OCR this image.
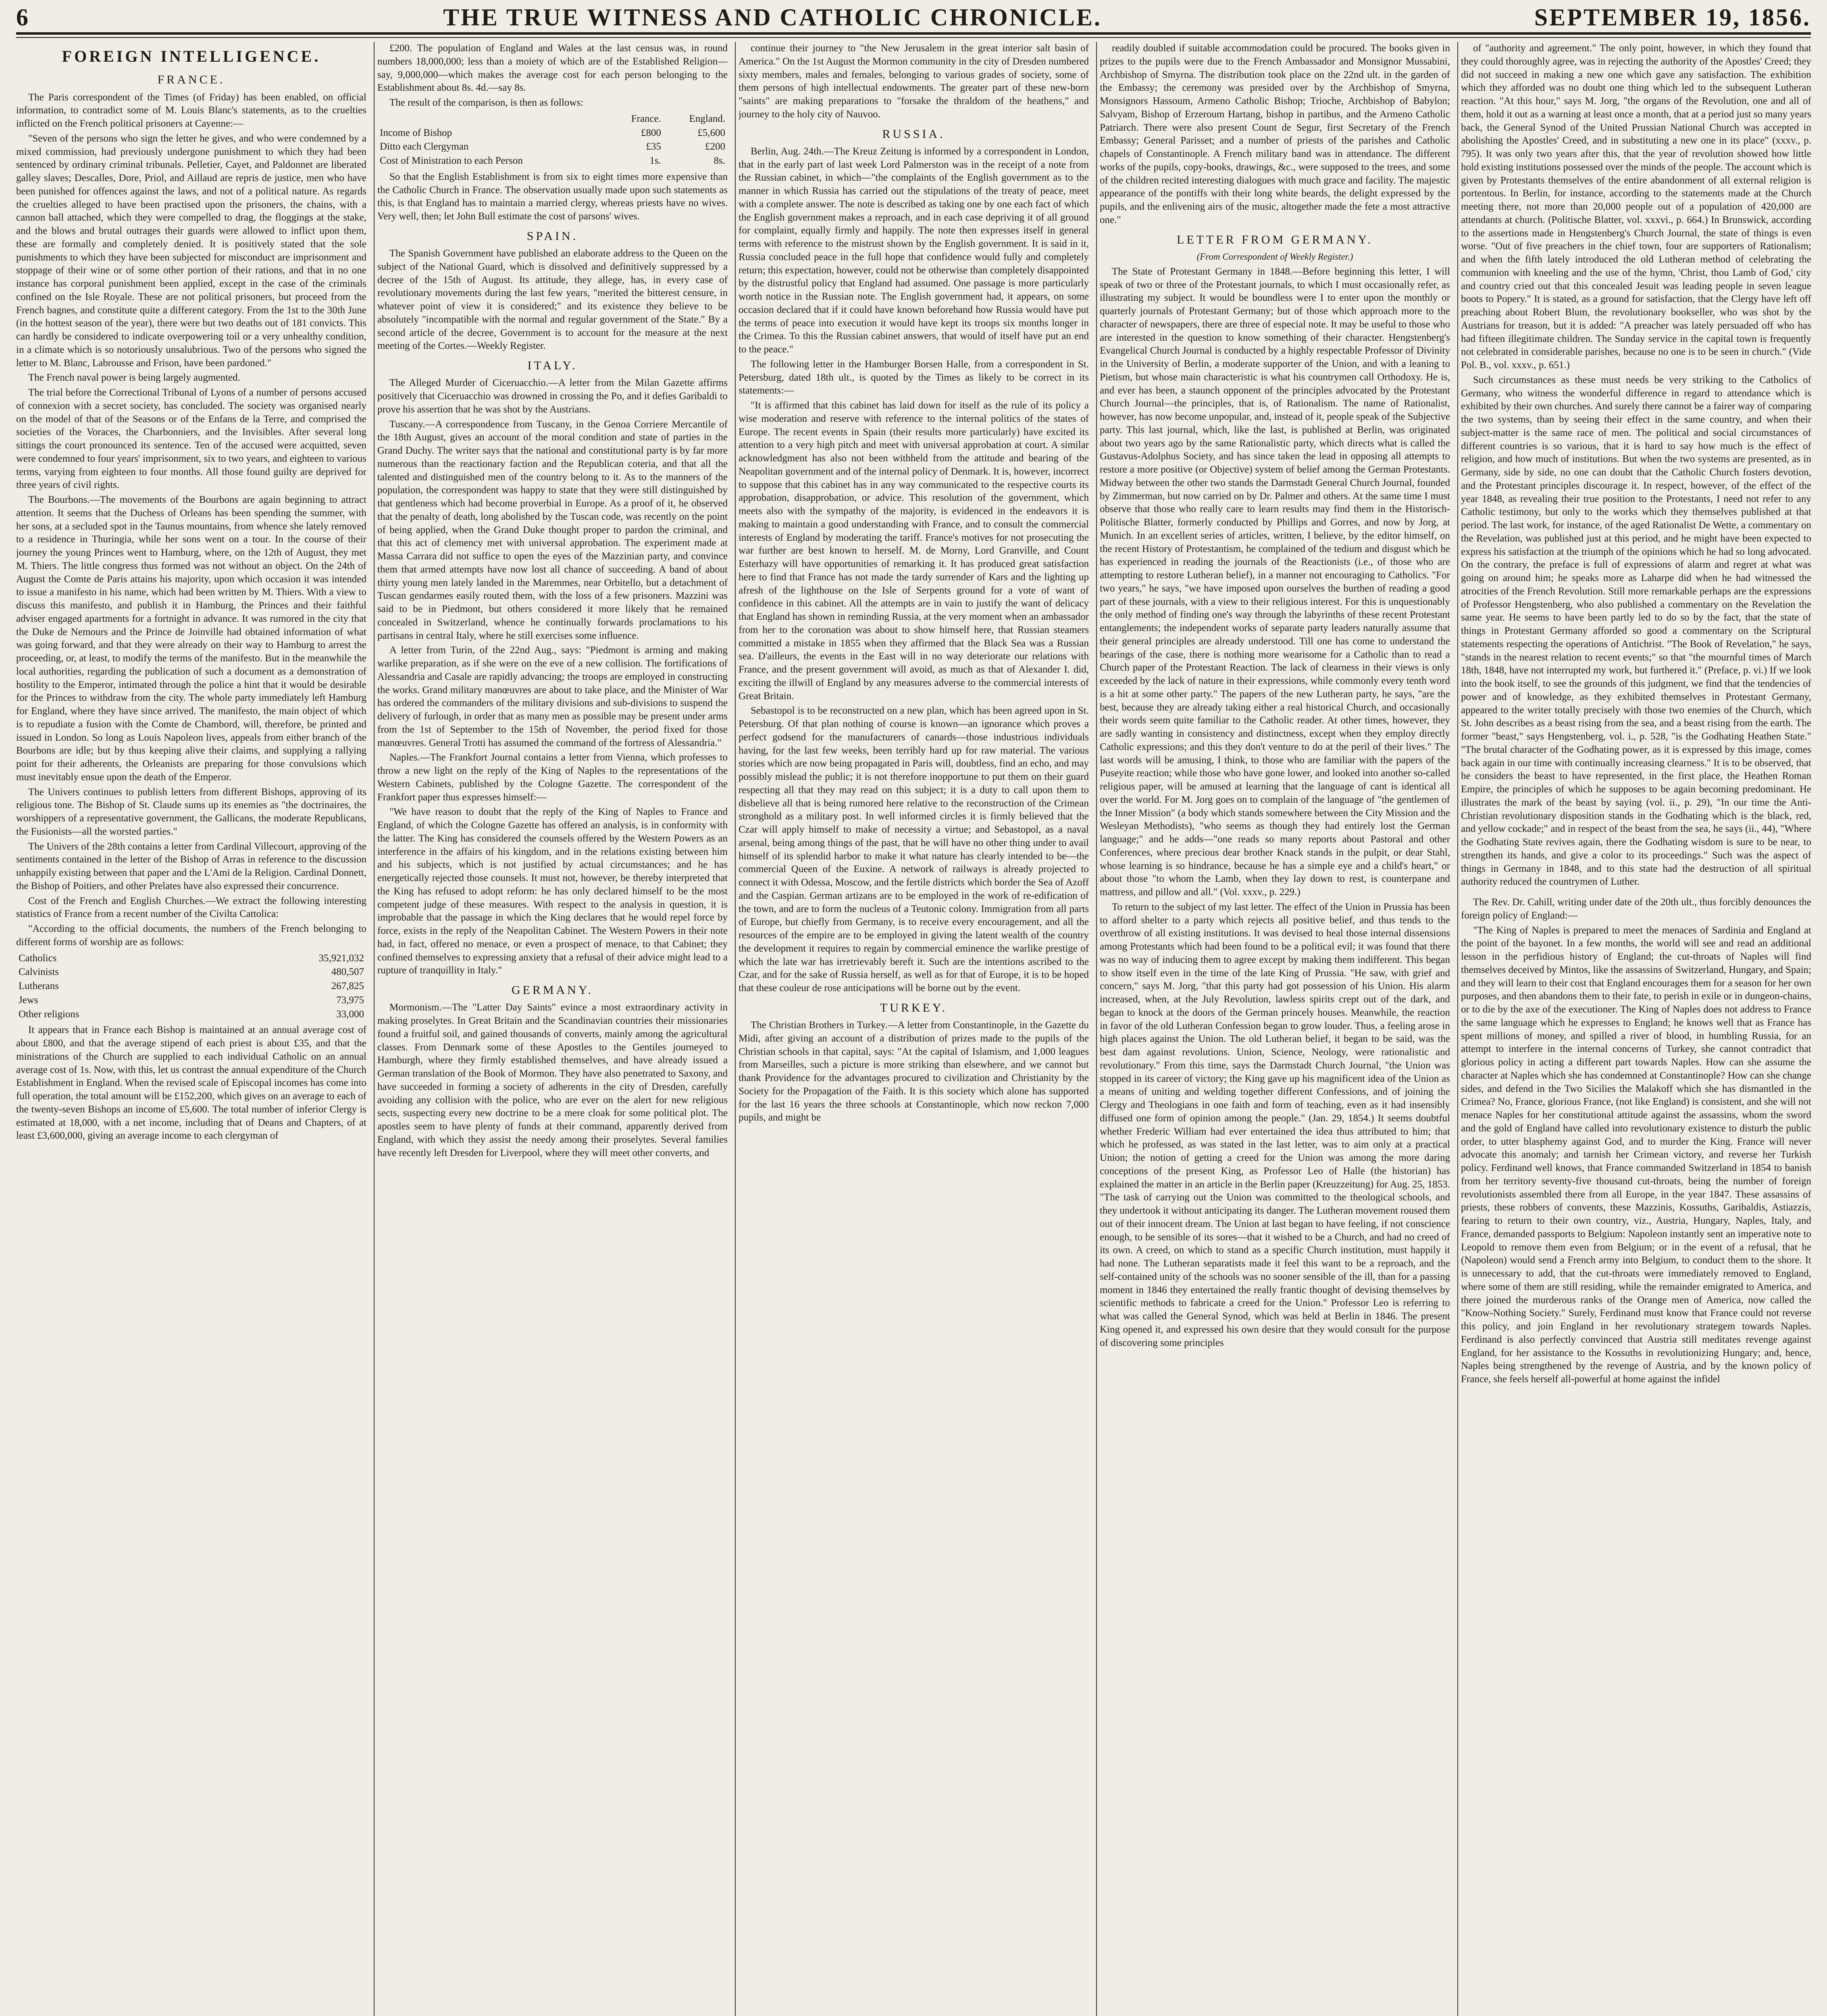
6	THE TRUE WITNESS AND CATHOLIC CHRONICLE.	SEPTEMBER 19, 1856.
FOREIGN INTELLIGENCE.
FRANCE.

The Paris correspondent of the Times (of Friday) has been enabled, on official information, to contradict some of M. Louis Blanc's statements, as to the cruelties inflicted on the French political prisoners at Cayenne:—

"Seven of the persons who sign the letter he gives, and who were condemned by a mixed commission, had previously undergone punishment to which they had been sentenced by ordinary criminal tribunals. Pelletier, Cayet, and Paldonnet are liberated galley slaves; Descalles, Dore, Priol, and Aillaud are repris de justice, men who have been punished for offences against the laws, and not of a political nature. As regards the cruelties alleged to have been practised upon the prisoners, the chains, with a cannon ball attached, which they were compelled to drag, the floggings at the stake, and the blows and brutal outrages their guards were allowed to inflict upon them, these are formally and completely denied. It is positively stated that the sole punishments to which they have been subjected for misconduct are imprisonment and stoppage of their wine or of some other portion of their rations, and that in no one instance has corporal punishment been applied, except in the case of the criminals confined on the Isle Royale. These are not political prisoners, but proceed from the French bagnes, and constitute quite a different category. From the 1st to the 30th June (in the hottest season of the year), there were but two deaths out of 181 convicts. This can hardly be considered to indicate overpowering toil or a very unhealthy condition, in a climate which is so notoriously unsalubrious. Two of the persons who signed the letter to M. Blanc, Labrousse and Frison, have been pardoned."

The French naval power is being largely augmented.

The trial before the Correctional Tribunal of Lyons of a number of persons accused of connexion with a secret society, has concluded. The society was organised nearly on the model of that of the Seasons or of the Enfans de la Terre, and comprised the societies of the Voraces, the Charbonniers, and the Invisibles. After several long sittings the court pronounced its sentence. Ten of the accused were acquitted, seven were condemned to four years' imprisonment, six to two years, and eighteen to various terms, varying from eighteen to four months. All those found guilty are deprived for three years of civil rights.

The Bourbons.—The movements of the Bourbons are again beginning to attract attention. It seems that the Duchess of Orleans has been spending the summer, with her sons, at a secluded spot in the Taunus mountains, from whence she lately removed to a residence in Thuringia, while her sons went on a tour. In the course of their journey the young Princes went to Hamburg, where, on the 12th of August, they met M. Thiers. The little congress thus formed was not without an object. On the 24th of August the Comte de Paris attains his majority, upon which occasion it was intended to issue a manifesto in his name, which had been written by M. Thiers. With a view to discuss this manifesto, and publish it in Hamburg, the Princes and their faithful adviser engaged apartments for a fortnight in advance. It was rumored in the city that the Duke de Nemours and the Prince de Joinville had obtained information of what was going forward, and that they were already on their way to Hamburg to arrest the proceeding, or, at least, to modify the terms of the manifesto. But in the meanwhile the local authorities, regarding the publication of such a document as a demonstration of hostility to the Emperor, intimated through the police a hint that it would be desirable for the Princes to withdraw from the city. The whole party immediately left Hamburg for England, where they have since arrived. The manifesto, the main object of which is to repudiate a fusion with the Comte de Chambord, will, therefore, be printed and issued in London. So long as Louis Napoleon lives, appeals from either branch of the Bourbons are idle; but by thus keeping alive their claims, and supplying a rallying point for their adherents, the Orleanists are preparing for those convulsions which must inevitably ensue upon the death of the Emperor.

The Univers continues to publish letters from different Bishops, approving of its religious tone. The Bishop of St. Claude sums up its enemies as "the doctrinaires, the worshippers of a representative government, the Gallicans, the moderate Republicans, the Fusionists—all the worsted parties."

The Univers of the 28th contains a letter from Cardinal Villecourt, approving of the sentiments contained in the letter of the Bishop of Arras in reference to the discussion unhappily existing between that paper and the L'Ami de la Religion. Cardinal Donnett, the Bishop of Poitiers, and other Prelates have also expressed their concurrence.

Cost of the French and English Churches.—We extract the following interesting statistics of France from a recent number of the Civilta Cattolica:

"According to the official documents, the numbers of the French belonging to different forms of worship are as follows:

Catholics	35,921,032
Calvinists	480,507
Lutherans	267,825
Jews	73,975
Other religions	33,000

It appears that in France each Bishop is maintained at an annual average cost of about £800, and that the average stipend of each priest is about £35, and that the ministrations of the Church are supplied to each individual Catholic on an annual average cost of 1s. Now, with this, let us contrast the annual expenditure of the Church Establishment in England. When the revised scale of Episcopal incomes has come into full operation, the total amount will be £152,200, which gives on an average to each of the twenty-seven Bishops an income of £5,600. The total number of inferior Clergy is estimated at 18,000, with a net income, including that of Deans and Chapters, of at least £3,600,000, giving an average income to each clergyman of

£200. The population of England and Wales at the last census was, in round numbers 18,000,000; less than a moiety of which are of the Established Religion—say, 9,000,000—which makes the average cost for each person belonging to the Establishment about 8s. 4d.—say 8s.

The result of the comparison, is then as follows:

	France.	England.
Income of Bishop	£800	£5,600
Ditto each Clergyman	£35	£200
Cost of Ministration to each Person	1s.	8s.

So that the English Establishment is from six to eight times more expensive than the Catholic Church in France. The observation usually made upon such statements as this, is that England has to maintain a married clergy, whereas priests have no wives. Very well, then; let John Bull estimate the cost of parsons' wives.

SPAIN.

The Spanish Government have published an elaborate address to the Queen on the subject of the National Guard, which is dissolved and definitively suppressed by a decree of the 15th of August. Its attitude, they allege, has, in every case of revolutionary movements during the last few years, "merited the bitterest censure, in whatever point of view it is considered;" and its existence they believe to be absolutely "incompatible with the normal and regular government of the State." By a second article of the decree, Government is to account for the measure at the next meeting of the Cortes.—Weekly Register.

ITALY.

The Alleged Murder of Ciceruacchio.—A letter from the Milan Gazette affirms positively that Ciceruacchio was drowned in crossing the Po, and it defies Garibaldi to prove his assertion that he was shot by the Austrians.

Tuscany.—A correspondence from Tuscany, in the Genoa Corriere Mercantile of the 18th August, gives an account of the moral condition and state of parties in the Grand Duchy. The writer says that the national and constitutional party is by far more numerous than the reactionary faction and the Republican coteria, and that all the talented and distinguished men of the country belong to it. As to the manners of the population, the correspondent was happy to state that they were still distinguished by that gentleness which had become proverbial in Europe. As a proof of it, he observed that the penalty of death, long abolished by the Tuscan code, was recently on the point of being applied, when the Grand Duke thought proper to pardon the criminal, and that this act of clemency met with universal approbation. The experiment made at Massa Carrara did not suffice to open the eyes of the Mazzinian party, and convince them that armed attempts have now lost all chance of succeeding. A band of about thirty young men lately landed in the Maremmes, near Orbitello, but a detachment of Tuscan gendarmes easily routed them, with the loss of a few prisoners. Mazzini was said to be in Piedmont, but others considered it more likely that he remained concealed in Switzerland, whence he continually forwards proclamations to his partisans in central Italy, where he still exercises some influence.

A letter from Turin, of the 22nd Aug., says: "Piedmont is arming and making warlike preparation, as if she were on the eve of a new collision. The fortifications of Alessandria and Casale are rapidly advancing; the troops are employed in constructing the works. Grand military manœuvres are about to take place, and the Minister of War has ordered the commanders of the military divisions and sub-divisions to suspend the delivery of furlough, in order that as many men as possible may be present under arms from the 1st of September to the 15th of November, the period fixed for those manœuvres. General Trotti has assumed the command of the fortress of Alessandria."

Naples.—The Frankfort Journal contains a letter from Vienna, which professes to throw a new light on the reply of the King of Naples to the representations of the Western Cabinets, published by the Cologne Gazette. The correspondent of the Frankfort paper thus expresses himself:—

"We have reason to doubt that the reply of the King of Naples to France and England, of which the Cologne Gazette has offered an analysis, is in conformity with the latter. The King has considered the counsels offered by the Western Powers as an interference in the affairs of his kingdom, and in the relations existing between him and his subjects, which is not justified by actual circumstances; and he has energetically rejected those counsels. It must not, however, be thereby interpreted that the King has refused to adopt reform: he has only declared himself to be the most competent judge of these measures. With respect to the analysis in question, it is improbable that the passage in which the King declares that he would repel force by force, exists in the reply of the Neapolitan Cabinet. The Western Powers in their note had, in fact, offered no menace, or even a prospect of menace, to that Cabinet; they confined themselves to expressing anxiety that a refusal of their advice might lead to a rupture of tranquillity in Italy."

GERMANY.

Mormonism.—The "Latter Day Saints" evince a most extraordinary activity in making proselytes. In Great Britain and the Scandinavian countries their missionaries found a fruitful soil, and gained thousands of converts, mainly among the agricultural classes. From Denmark some of these Apostles to the Gentiles journeyed to Hamburgh, where they firmly established themselves, and have already issued a German translation of the Book of Mormon. They have also penetrated to Saxony, and have succeeded in forming a society of adherents in the city of Dresden, carefully avoiding any collision with the police, who are ever on the alert for new religious sects, suspecting every new doctrine to be a mere cloak for some political plot. The apostles seem to have plenty of funds at their command, apparently derived from England, with which they assist the needy among their proselytes. Several families have recently left Dresden for Liverpool, where they will meet other converts, and

continue their journey to "the New Jerusalem in the great interior salt basin of America." On the 1st August the Mormon community in the city of Dresden numbered sixty members, males and females, belonging to various grades of society, some of them persons of high intellectual endowments. The greater part of these new-born "saints" are making preparations to "forsake the thraldom of the heathens," and journey to the holy city of Nauvoo.

RUSSIA.

Berlin, Aug. 24th.—The Kreuz Zeitung is informed by a correspondent in London, that in the early part of last week Lord Palmerston was in the receipt of a note from the Russian cabinet, in which—"the complaints of the English government as to the manner in which Russia has carried out the stipulations of the treaty of peace, meet with a complete answer. The note is described as taking one by one each fact of which the English government makes a reproach, and in each case depriving it of all ground for complaint, equally firmly and happily. The note then expresses itself in general terms with reference to the mistrust shown by the English government. It is said in it, Russia concluded peace in the full hope that confidence would fully and completely return; this expectation, however, could not be otherwise than completely disappointed by the distrustful policy that England had assumed. One passage is more particularly worth notice in the Russian note. The English government had, it appears, on some occasion declared that if it could have known beforehand how Russia would have put the terms of peace into execution it would have kept its troops six months longer in the Crimea. To this the Russian cabinet answers, that would of itself have put an end to the peace."

The following letter in the Hamburger Borsen Halle, from a correspondent in St. Petersburg, dated 18th ult., is quoted by the Times as likely to be correct in its statements:—

"It is affirmed that this cabinet has laid down for itself as the rule of its policy a wise moderation and reserve with reference to the internal politics of the states of Europe. The recent events in Spain (their results more particularly) have excited its attention to a very high pitch and meet with universal approbation at court. A similar acknowledgment has also not been withheld from the attitude and bearing of the Neapolitan government and of the internal policy of Denmark. It is, however, incorrect to suppose that this cabinet has in any way communicated to the respective courts its approbation, disapprobation, or advice. This resolution of the government, which meets also with the sympathy of the majority, is evidenced in the endeavors it is making to maintain a good understanding with France, and to consult the commercial interests of England by moderating the tariff. France's motives for not prosecuting the war further are best known to herself. M. de Morny, Lord Granville, and Count Esterhazy will have opportunities of remarking it. It has produced great satisfaction here to find that France has not made the tardy surrender of Kars and the lighting up afresh of the lighthouse on the Isle of Serpents ground for a vote of want of confidence in this cabinet. All the attempts are in vain to justify the want of delicacy that England has shown in reminding Russia, at the very moment when an ambassador from her to the coronation was about to show himself here, that Russian steamers committed a mistake in 1855 when they affirmed that the Black Sea was a Russian sea. D'ailleurs, the events in the East will in no way deteriorate our relations with France, and the present government will avoid, as much as that of Alexander I. did, exciting the illwill of England by any measures adverse to the commercial interests of Great Britain.

Sebastopol is to be reconstructed on a new plan, which has been agreed upon in St. Petersburg. Of that plan nothing of course is known—an ignorance which proves a perfect godsend for the manufacturers of canards—those industrious individuals having, for the last few weeks, been terribly hard up for raw material. The various stories which are now being propagated in Paris will, doubtless, find an echo, and may possibly mislead the public; it is not therefore inopportune to put them on their guard respecting all that they may read on this subject; it is a duty to call upon them to disbelieve all that is being rumored here relative to the reconstruction of the Crimean stronghold as a military post. In well informed circles it is firmly believed that the Czar will apply himself to make of necessity a virtue; and Sebastopol, as a naval arsenal, being among things of the past, that he will have no other thing under to avail himself of its splendid harbor to make it what nature has clearly intended to be—the commercial Queen of the Euxine. A network of railways is already projected to connect it with Odessa, Moscow, and the fertile districts which border the Sea of Azoff and the Caspian. German artizans are to be employed in the work of re-edification of the town, and are to form the nucleus of a Teutonic colony. Immigration from all parts of Europe, but chiefly from Germany, is to receive every encouragement, and all the resources of the empire are to be employed in giving the latent wealth of the country the development it requires to regain by commercial eminence the warlike prestige of which the late war has irretrievably bereft it. Such are the intentions ascribed to the Czar, and for the sake of Russia herself, as well as for that of Europe, it is to be hoped that these couleur de rose anticipations will be borne out by the event.

TURKEY.

The Christian Brothers in Turkey.—A letter from Constantinople, in the Gazette du Midi, after giving an account of a distribution of prizes made to the pupils of the Christian schools in that capital, says: "At the capital of Islamism, and 1,000 leagues from Marseilles, such a picture is more striking than elsewhere, and we cannot but thank Providence for the advantages procured to civilization and Christianity by the Society for the Propagation of the Faith. It is this society which alone has supported for the last 16 years the three schools at Constantinople, which now reckon 7,000 pupils, and might be

readily doubled if suitable accommodation could be procured. The books given in prizes to the pupils were due to the French Ambassador and Monsignor Mussabini, Archbishop of Smyrna. The distribution took place on the 22nd ult. in the garden of the Embassy; the ceremony was presided over by the Archbishop of Smyrna, Monsignors Hassoum, Armeno Catholic Bishop; Trioche, Archbishop of Babylon; Salvyam, Bishop of Erzeroum Hartang, bishop in partibus, and the Armeno Catholic Patriarch. There were also present Count de Segur, first Secretary of the French Embassy; General Parisset; and a number of priests of the parishes and Catholic chapels of Constantinople. A French military band was in attendance. The different works of the pupils, copy-books, drawings, &c., were supposed to the trees, and some of the children recited interesting dialogues with much grace and facility. The majestic appearance of the pontiffs with their long white beards, the delight expressed by the pupils, and the enlivening airs of the music, altogether made the fete a most attractive one."

LETTER FROM GERMANY.
(From Correspondent of Weekly Register.)

The State of Protestant Germany in 1848.—Before beginning this letter, I will speak of two or three of the Protestant journals, to which I must occasionally refer, as illustrating my subject. It would be boundless were I to enter upon the monthly or quarterly journals of Protestant Germany; but of those which approach more to the character of newspapers, there are three of especial note. It may be useful to those who are interested in the question to know something of their character. Hengstenberg's Evangelical Church Journal is conducted by a highly respectable Professor of Divinity in the University of Berlin, a moderate supporter of the Union, and with a leaning to Pietism, but whose main characteristic is what his countrymen call Orthodoxy. He is, and ever has been, a staunch opponent of the principles advocated by the Protestant Church Journal—the principles, that is, of Rationalism. The name of Rationalist, however, has now become unpopular, and, instead of it, people speak of the Subjective party. This last journal, which, like the last, is published at Berlin, was originated about two years ago by the same Rationalistic party, which directs what is called the Gustavus-Adolphus Society, and has since taken the lead in opposing all attempts to restore a more positive (or Objective) system of belief among the German Protestants. Midway between the other two stands the Darmstadt General Church Journal, founded by Zimmerman, but now carried on by Dr. Palmer and others. At the same time I must observe that those who really care to learn results may find them in the Historisch-Politische Blatter, formerly conducted by Phillips and Gorres, and now by Jorg, at Munich. In an excellent series of articles, written, I believe, by the editor himself, on the recent History of Protestantism, he complained of the tedium and disgust which he has experienced in reading the journals of the Reactionists (i.e., of those who are attempting to restore Lutheran belief), in a manner not encouraging to Catholics. "For two years," he says, "we have imposed upon ourselves the burthen of reading a good part of these journals, with a view to their religious interest. For this is unquestionably the only method of finding one's way through the labyrinths of these recent Protestant entanglements; the independent works of separate party leaders naturally assume that their general principles are already understood. Till one has come to understand the bearings of the case, there is nothing more wearisome for a Catholic than to read a Church paper of the Protestant Reaction. The lack of clearness in their views is only exceeded by the lack of nature in their expressions, while commonly every tenth word is a hit at some other party." The papers of the new Lutheran party, he says, "are the best, because they are already taking either a real historical Church, and occasionally their words seem quite familiar to the Catholic reader. At other times, however, they are sadly wanting in consistency and distinctness, except when they employ directly Catholic expressions; and this they don't venture to do at the peril of their lives." The last words will be amusing, I think, to those who are familiar with the papers of the Puseyite reaction; while those who have gone lower, and looked into another so-called religious paper, will be amused at learning that the language of cant is identical all over the world. For M. Jorg goes on to complain of the language of "the gentlemen of the Inner Mission" (a body which stands somewhere between the City Mission and the Wesleyan Methodists), "who seems as though they had entirely lost the German language;" and he adds—"one reads so many reports about Pastoral and other Conferences, where precious dear brother Knack stands in the pulpit, or dear Stahl, whose learning is so hindrance, because he has a simple eye and a child's heart," or about those "to whom the Lamb, when they lay down to rest, is counterpane and mattress, and pillow and all." (Vol. xxxv., p. 229.)

To return to the subject of my last letter. The effect of the Union in Prussia has been to afford shelter to a party which rejects all positive belief, and thus tends to the overthrow of all existing institutions. It was devised to heal those internal dissensions among Protestants which had been found to be a political evil; it was found that there was no way of inducing them to agree except by making them indifferent. This began to show itself even in the time of the late King of Prussia. "He saw, with grief and concern," says M. Jorg, "that this party had got possession of his Union. His alarm increased, when, at the July Revolution, lawless spirits crept out of the dark, and began to knock at the doors of the German princely houses. Meanwhile, the reaction in favor of the old Lutheran Confession began to grow louder. Thus, a feeling arose in high places against the Union. The old Lutheran belief, it began to be said, was the best dam against revolutions. Union, Science, Neology, were rationalistic and revolutionary." From this time, says the Darmstadt Church Journal, "the Union was stopped in its career of victory; the King gave up his magnificent idea of the Union as a means of uniting and welding together different Confessions, and of joining the Clergy and Theologians in one faith and form of teaching, even as it had insensibly diffused one form of opinion among the people." (Jan. 29, 1854.) It seems doubtful whether Frederic William had ever entertained the idea thus attributed to him; that which he professed, as was stated in the last letter, was to aim only at a practical Union; the notion of getting a creed for the Union was among the more daring conceptions of the present King, as Professor Leo of Halle (the historian) has explained the matter in an article in the Berlin paper (Kreuzzeitung) for Aug. 25, 1853. "The task of carrying out the Union was committed to the theological schools, and they undertook it without anticipating its danger. The Lutheran movement roused them out of their innocent dream. The Union at last began to have feeling, if not conscience enough, to be sensible of its sores—that it wished to be a Church, and had no creed of its own. A creed, on which to stand as a specific Church institution, must happily it had none. The Lutheran separatists made it feel this want to be a reproach, and the self-contained unity of the schools was no sooner sensible of the ill, than for a passing moment in 1846 they entertained the really frantic thought of devising themselves by scientific methods to fabricate a creed for the Union." Professor Leo is referring to what was called the General Synod, which was held at Berlin in 1846. The present King opened it, and expressed his own desire that they would consult for the purpose of discovering some principles

of "authority and agreement." The only point, however, in which they found that they could thoroughly agree, was in rejecting the authority of the Apostles' Creed; they did not succeed in making a new one which gave any satisfaction. The exhibition which they afforded was no doubt one thing which led to the subsequent Lutheran reaction. "At this hour," says M. Jorg, "the organs of the Revolution, one and all of them, hold it out as a warning at least once a month, that at a period just so many years back, the General Synod of the United Prussian National Church was accepted in abolishing the Apostles' Creed, and in substituting a new one in its place" (xxxv., p. 795). It was only two years after this, that the year of revolution showed how little hold existing institutions possessed over the minds of the people. The account which is given by Protestants themselves of the entire abandonment of all external religion is portentous. In Berlin, for instance, according to the statements made at the Church meeting there, not more than 20,000 people out of a population of 420,000 are attendants at church. (Politische Blatter, vol. xxxvi., p. 664.) In Brunswick, according to the assertions made in Hengstenberg's Church Journal, the state of things is even worse. "Out of five preachers in the chief town, four are supporters of Rationalism; and when the fifth lately introduced the old Lutheran method of celebrating the communion with kneeling and the use of the hymn, 'Christ, thou Lamb of God,' city and country cried out that this concealed Jesuit was leading people in seven league boots to Popery." It is stated, as a ground for satisfaction, that the Clergy have left off preaching about Robert Blum, the revolutionary bookseller, who was shot by the Austrians for treason, but it is added: "A preacher was lately persuaded off who has had fifteen illegitimate children. The Sunday service in the capital town is frequently not celebrated in considerable parishes, because no one is to be seen in church." (Vide Pol. B., vol. xxxv., p. 651.)

Such circumstances as these must needs be very striking to the Catholics of Germany, who witness the wonderful difference in regard to attendance which is exhibited by their own churches. And surely there cannot be a fairer way of comparing the two systems, than by seeing their effect in the same country, and when their subject-matter is the same race of men. The political and social circumstances of different countries is so various, that it is hard to say how much is the effect of religion, and how much of institutions. But when the two systems are presented, as in Germany, side by side, no one can doubt that the Catholic Church fosters devotion, and the Protestant principles discourage it. In respect, however, of the effect of the year 1848, as revealing their true position to the Protestants, I need not refer to any Catholic testimony, but only to the works which they themselves published at that period. The last work, for instance, of the aged Rationalist De Wette, a commentary on the Revelation, was published just at this period, and he might have been expected to express his satisfaction at the triumph of the opinions which he had so long advocated. On the contrary, the preface is full of expressions of alarm and regret at what was going on around him; he speaks more as Laharpe did when he had witnessed the atrocities of the French Revolution. Still more remarkable perhaps are the expressions of Professor Hengstenberg, who also published a commentary on the Revelation the same year. He seems to have been partly led to do so by the fact, that the state of things in Protestant Germany afforded so good a commentary on the Scriptural statements respecting the operations of Antichrist. "The Book of Revelation," he says, "stands in the nearest relation to recent events;" so that "the mournful times of March 18th, 1848, have not interrupted my work, but furthered it." (Preface, p. vi.) If we look into the book itself, to see the grounds of this judgment, we find that the tendencies of power and of knowledge, as they exhibited themselves in Protestant Germany, appeared to the writer totally precisely with those two enemies of the Church, which St. John describes as a beast rising from the sea, and a beast rising from the earth. The former "beast," says Hengstenberg, vol. i., p. 528, "is the Godhating Heathen State." "The brutal character of the Godhating power, as it is expressed by this image, comes back again in our time with continually increasing clearness." It is to be observed, that he considers the beast to have represented, in the first place, the Heathen Roman Empire, the principles of which he supposes to be again becoming predominant. He illustrates the mark of the beast by saying (vol. ii., p. 29), "In our time the Anti-Christian revolutionary disposition stands in the Godhating which is the black, red, and yellow cockade;" and in respect of the beast from the sea, he says (ii., 44), "Where the Godhating State revives again, there the Godhating wisdom is sure to be near, to strengthen its hands, and give a color to its proceedings." Such was the aspect of things in Germany in 1848, and to this state had the destruction of all spiritual authority reduced the countrymen of Luther.

The Rev. Dr. Cahill, writing under date of the 20th ult., thus forcibly denounces the foreign policy of England:—

"The King of Naples is prepared to meet the menaces of Sardinia and England at the point of the bayonet. In a few months, the world will see and read an additional lesson in the perfidious history of England; the cut-throats of Naples will find themselves deceived by Mintos, like the assassins of Switzerland, Hungary, and Spain; and they will learn to their cost that England encourages them for a season for her own purposes, and then abandons them to their fate, to perish in exile or in dungeon-chains, or to die by the axe of the executioner. The King of Naples does not address to France the same language which he expresses to England; he knows well that as France has spent millions of money, and spilled a river of blood, in humbling Russia, for an attempt to interfere in the internal concerns of Turkey, she cannot contradict that glorious policy in acting a different part towards Naples. How can she assume the character at Naples which she has condemned at Constantinople? How can she change sides, and defend in the Two Sicilies the Malakoff which she has dismantled in the Crimea? No, France, glorious France, (not like England) is consistent, and she will not menace Naples for her constitutional attitude against the assassins, whom the sword and the gold of England have called into revolutionary existence to disturb the public order, to utter blasphemy against God, and to murder the King. France will never advocate this anomaly; and tarnish her Crimean victory, and reverse her Turkish policy. Ferdinand well knows, that France commanded Switzerland in 1854 to banish from her territory seventy-five thousand cut-throats, being the number of foreign revolutionists assembled there from all Europe, in the year 1847. These assassins of priests, these robbers of convents, these Mazzinis, Kossuths, Garibaldis, Astiazzis, fearing to return to their own country, viz., Austria, Hungary, Naples, Italy, and France, demanded passports to Belgium: Napoleon instantly sent an imperative note to Leopold to remove them even from Belgium; or in the event of a refusal, that he (Napoleon) would send a French army into Belgium, to conduct them to the shore. It is unnecessary to add, that the cut-throats were immediately removed to England, where some of them are still residing, while the remainder emigrated to America, and there joined the murderous ranks of the Orange men of America, now called the "Know-Nothing Society." Surely, Ferdinand must know that France could not reverse this policy, and join England in her revolutionary strategem towards Naples. Ferdinand is also perfectly convinced that Austria still meditates revenge against England, for her assistance to the Kossuths in revolutionizing Hungary; and, hence, Naples being strengthened by the revenge of Austria, and by the known policy of France, she feels herself all-powerful at home against the infidel
